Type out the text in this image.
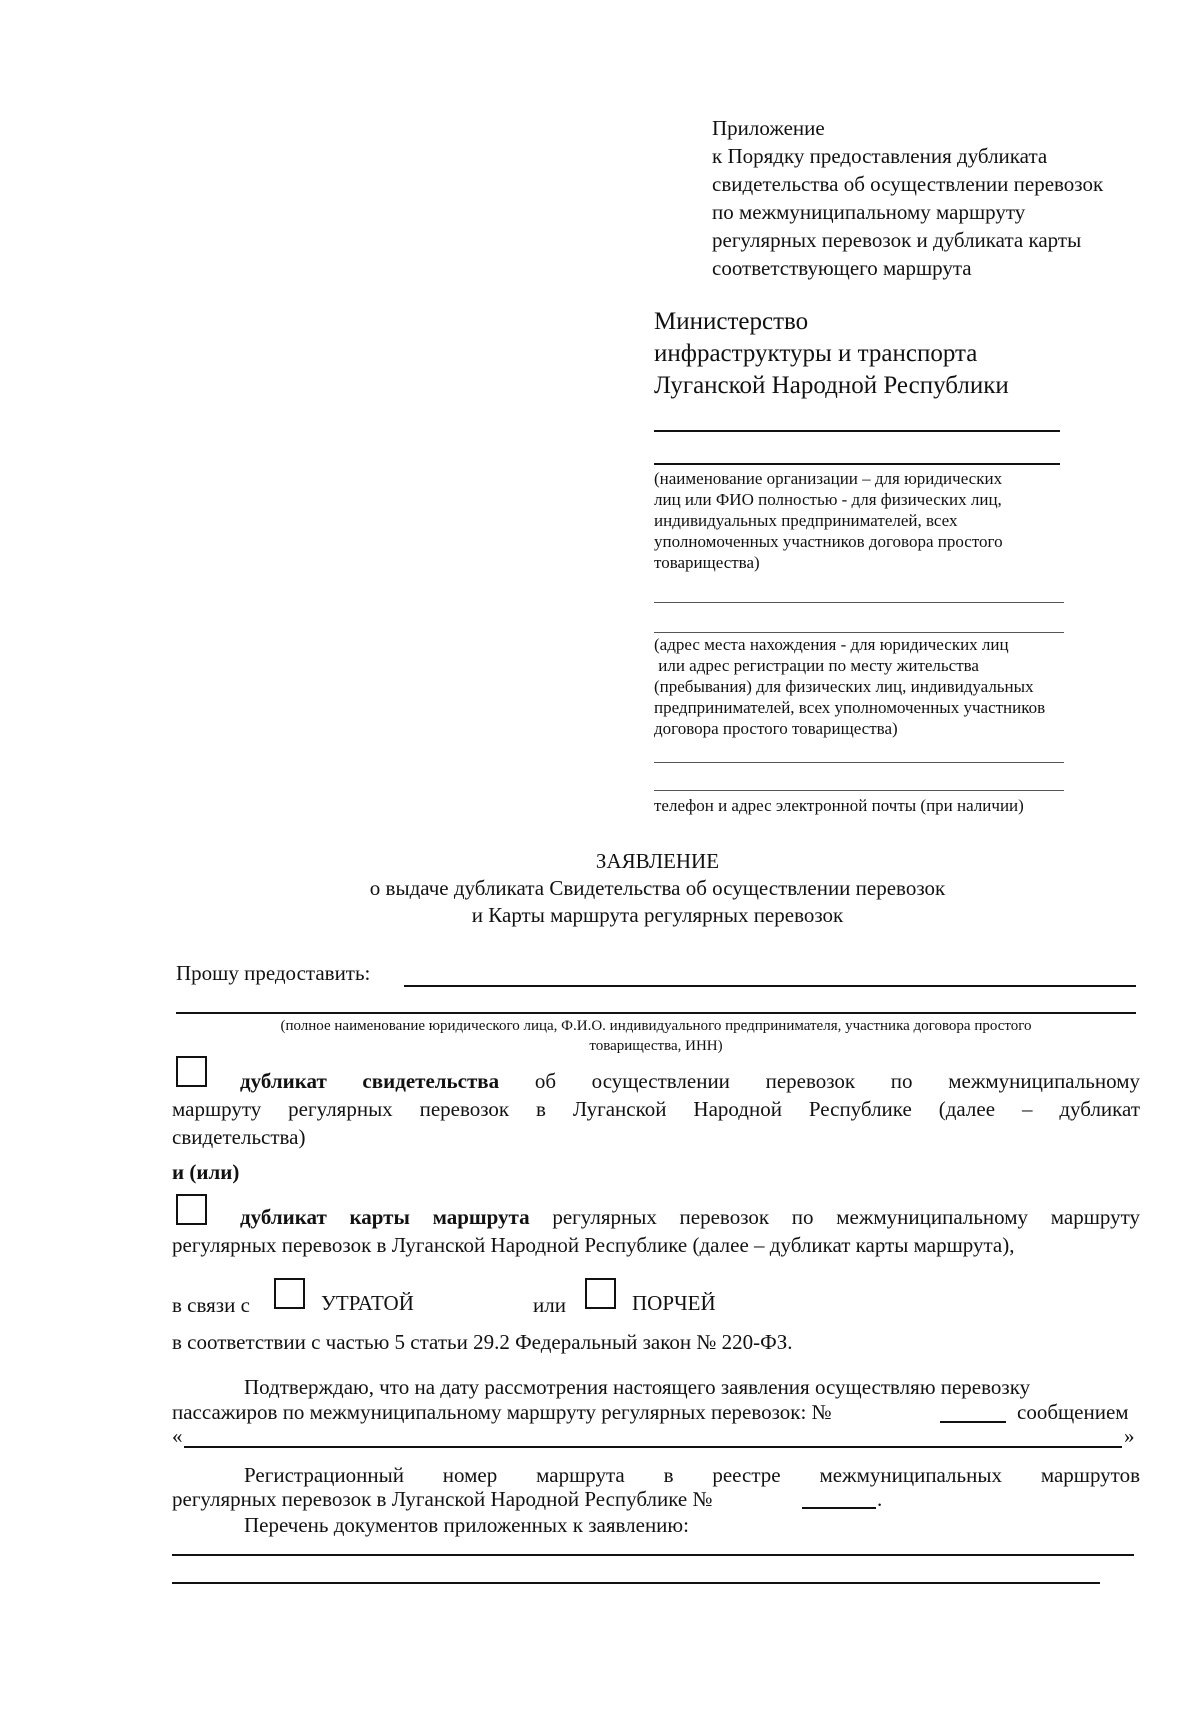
Приложение
к Порядку предоставления дубликата
свидетельства об осуществлении перевозок
по межмуниципальному маршруту
регулярных перевозок и дубликата карты
соответствующего маршрута
Министерство
инфраструктуры и транспорта
Луганской Народной Республики
(наименование организации – для юридических
лиц или ФИО полностью - для физических лиц,
индивидуальных предпринимателей, всех
уполномоченных участников договора простого
товарищества)
(адрес места нахождения - для юридических лиц
или адрес регистрации по месту жительства
(пребывания) для физических лиц, индивидуальных
предпринимателей, всех уполномоченных участников
договора простого товарищества)
телефон и адрес электронной почты (при наличии)
ЗАЯВЛЕНИЕ
о выдаче дубликата Свидетельства об осуществлении перевозок
и Карты маршрута регулярных перевозок
Прошу предоставить:
(полное наименование юридического лица, Ф.И.О. индивидуального предпринимателя, участника договора простого
товарищества, ИНН)
дубликат свидетельства об осуществлении перевозок по межмуниципальному
маршруту регулярных перевозок в Луганской Народной Республике (далее – дубликат
свидетельства)
и (или)
дубликат карты маршрута регулярных перевозок по межмуниципальному маршруту
регулярных перевозок в Луганской Народной Республике (далее – дубликат карты маршрута),
в связи с	УТРАТОЙ	или	ПОРЧЕЙ
в соответствии с частью 5 статьи 29.2 Федеральный закон № 220-ФЗ.
Подтверждаю, что на дату рассмотрения настоящего заявления осуществляю перевозку
пассажиров по межмуниципальному маршруту регулярных перевозок: №	сообщением
«	»
Регистрационный номер маршрута в реестре межмуниципальных маршрутов
регулярных перевозок в Луганской Народной Республике №	.
Перечень документов приложенных к заявлению:
